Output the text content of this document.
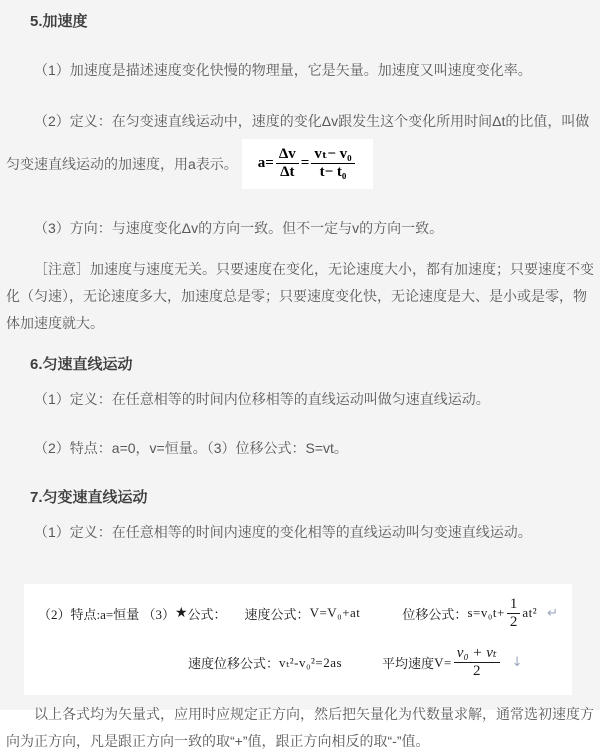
5.加速度

（1）加速度是描述速度变化快慢的物理量，它是矢量。加速度又叫速度变化率。

（2）定义：在匀变速直线运动中，速度的变化Δv跟发生这个变化所用时间Δt的比值，叫做

匀变速直线运动的加速度，用a表示。 $a= \frac{\Delta v}{\Delta t} = \frac{\text{vₜ− v₀}}{\text{t− t₀}}$

（3）方向：与速度变化Δv的方向一致。但不一定与v的方向一致。

［注意］加速度与速度无关。只要速度在变化，无论速度大小，都有加速度；只要速度不变化（匀速），无论速度多大，加速度总是零；只要速度变化快，无论速度是大、是小或是零，物体加速度就大。

6.匀速直线运动

（1）定义：在任意相等的时间内位移相等的直线运动叫做匀速直线运动。

（2）特点：a=0，v=恒量。（3）位移公式：S=vt。

7.匀变速直线运动

（1）定义：在任意相等的时间内速度的变化相等的直线运动叫匀变速直线运动。

（2）特点:a=恒量 （3） ★ 公式： 速度公式： V=V₀+at	位移公式： $s=v_0t+ \frac{1}{2} at^2$ ↵
速度位移公式： vₜ²-v₀²=2as	平均速度 $V= \frac{\text{v₀ + vₜ}}{2}$ ↓

以上各式均为矢量式，应用时应规定正方向，然后把矢量化为代数量求解，通常选初速度方向为正方向，凡是跟正方向一致的取“+”值，跟正方向相反的取“-”值。
